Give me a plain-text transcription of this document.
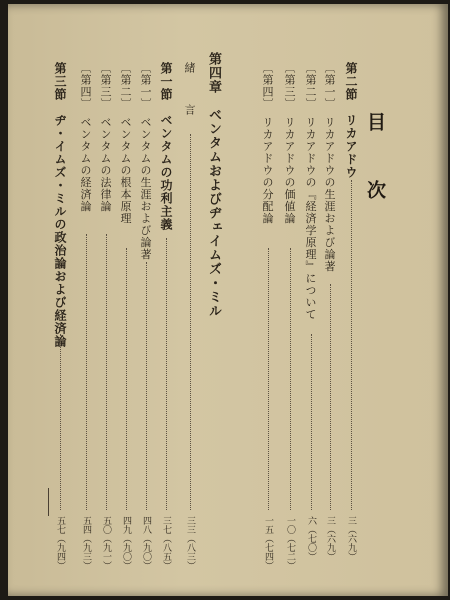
目
次
第二節　リカアドウ
〔第一〕　リカアドウの生涯および論著
〔第二〕　リカアドウの『経済学原理』について
〔第三〕　リカアドウの価値論
〔第四〕　リカアドウの分配論
第四章　ベンタムおよびヂェイムズ・ミル
緒　　言
第一節　ベンタムの功利主義
〔第一〕　ベンタムの生涯および論著
〔第二〕　ベンタムの根本原理
〔第三〕　ベンタムの法律論
〔第四〕　ベンタムの経済論
第三節　ヂ・イムズ・ミルの政治論および経済論
三（六九）
三（六九）
六（七〇）
一〇（七二）
一五（七四）
三三（八三）
三七（八五）
四八（九〇）
四九（九〇）
五〇（九一）
五四（九三）
五七（九四）
